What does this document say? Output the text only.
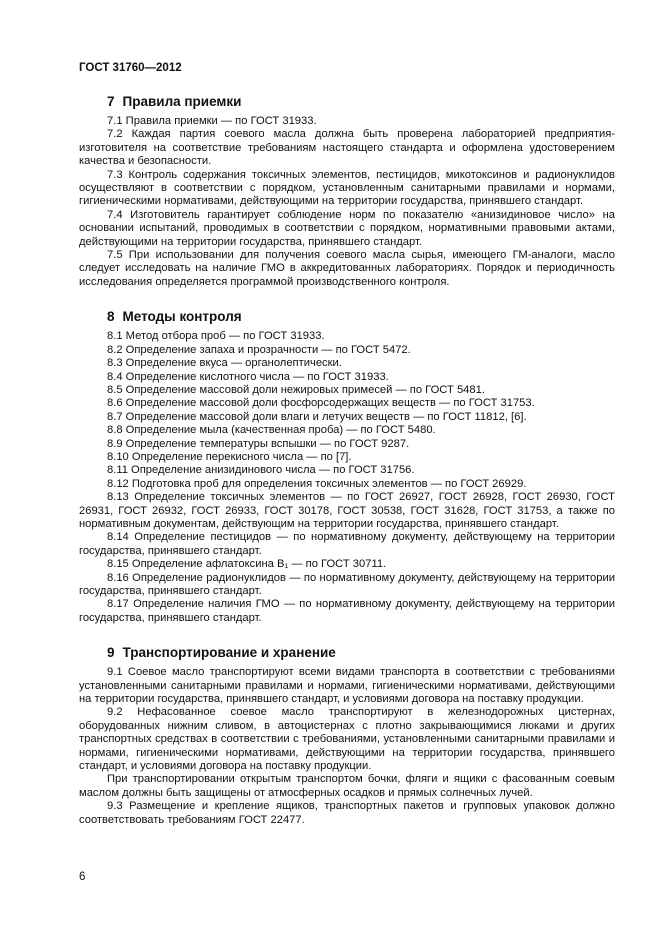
ГОСТ 31760—2012
7 Правила приемки

7.1 Правила приемки — по ГОСТ 31933.

7.2 Каждая партия соевого масла должна быть проверена лабораторией предприятия-изготовителя на соответствие требованиям настоящего стандарта и оформлена удостоверением качества и безопасности.

7.3 Контроль содержания токсичных элементов, пестицидов, микотоксинов и радионуклидов осуществляют в соответствии с порядком, установленным санитарными правилами и нормами, гигиеническими нормативами, действующими на территории государства, принявшего стандарт.

7.4 Изготовитель гарантирует соблюдение норм по показателю «анизидиновое число» на основании испытаний, проводимых в соответствии с порядком, нормативными правовыми актами, действующими на территории государства, принявшего стандарт.

7.5 При использовании для получения соевого масла сырья, имеющего ГМ-аналоги, масло следует исследовать на наличие ГМО в аккредитованных лабораториях. Порядок и периодичность исследования определяется программой производственного контроля.

8 Методы контроля

8.1 Метод отбора проб — по ГОСТ 31933.

8.2 Определение запаха и прозрачности — по ГОСТ 5472.

8.3 Определение вкуса — органолептически.

8.4 Определение кислотного числа — по ГОСТ 31933.

8.5 Определение массовой доли нежировых примесей — по ГОСТ 5481.

8.6 Определение массовой доли фосфорсодержащих веществ — по ГОСТ 31753.

8.7 Определение массовой доли влаги и летучих веществ — по ГОСТ 11812, [6].

8.8 Определение мыла (качественная проба) — по ГОСТ 5480.

8.9 Определение температуры вспышки — по ГОСТ 9287.

8.10 Определение перекисного числа — по [7].

8.11 Определение анизидинового числа — по ГОСТ 31756.

8.12 Подготовка проб для определения токсичных элементов — по ГОСТ 26929.

8.13 Определение токсичных элементов — по ГОСТ 26927, ГОСТ 26928, ГОСТ 26930, ГОСТ 26931, ГОСТ 26932, ГОСТ 26933, ГОСТ 30178, ГОСТ 30538, ГОСТ 31628, ГОСТ 31753, а также по нормативным документам, действующим на территории государства, принявшего стандарт.

8.14 Определение пестицидов — по нормативному документу, действующему на территории государства, принявшего стандарт.

8.15 Определение афлатоксина B₁ — по ГОСТ 30711.

8.16 Определение радионуклидов — по нормативному документу, действующему на территории государства, принявшего стандарт.

8.17 Определение наличия ГМО — по нормативному документу, действующему на территории государства, принявшего стандарт.

9 Транспортирование и хранение

9.1 Соевое масло транспортируют всеми видами транспорта в соответствии с требованиями установленными санитарными правилами и нормами, гигиеническими нормативами, действующими на территории государства, принявшего стандарт, и условиями договора на поставку продукции.

9.2 Нефасованное соевое масло транспортируют в железнодорожных цистернах, оборудованных нижним сливом, в автоцистернах с плотно закрывающимися люками и других транспортных средствах в соответствии с требованиями, установленными санитарными правилами и нормами, гигиеническими нормативами, действующими на территории государства, принявшего стандарт, и условиями договора на поставку продукции.

При транспортировании открытым транспортом бочки, фляги и ящики с фасованным соевым маслом должны быть защищены от атмосферных осадков и прямых солнечных лучей.

9.3 Размещение и крепление ящиков, транспортных пакетов и групповых упаковок должно соответствовать требованиям ГОСТ 22477.

6
